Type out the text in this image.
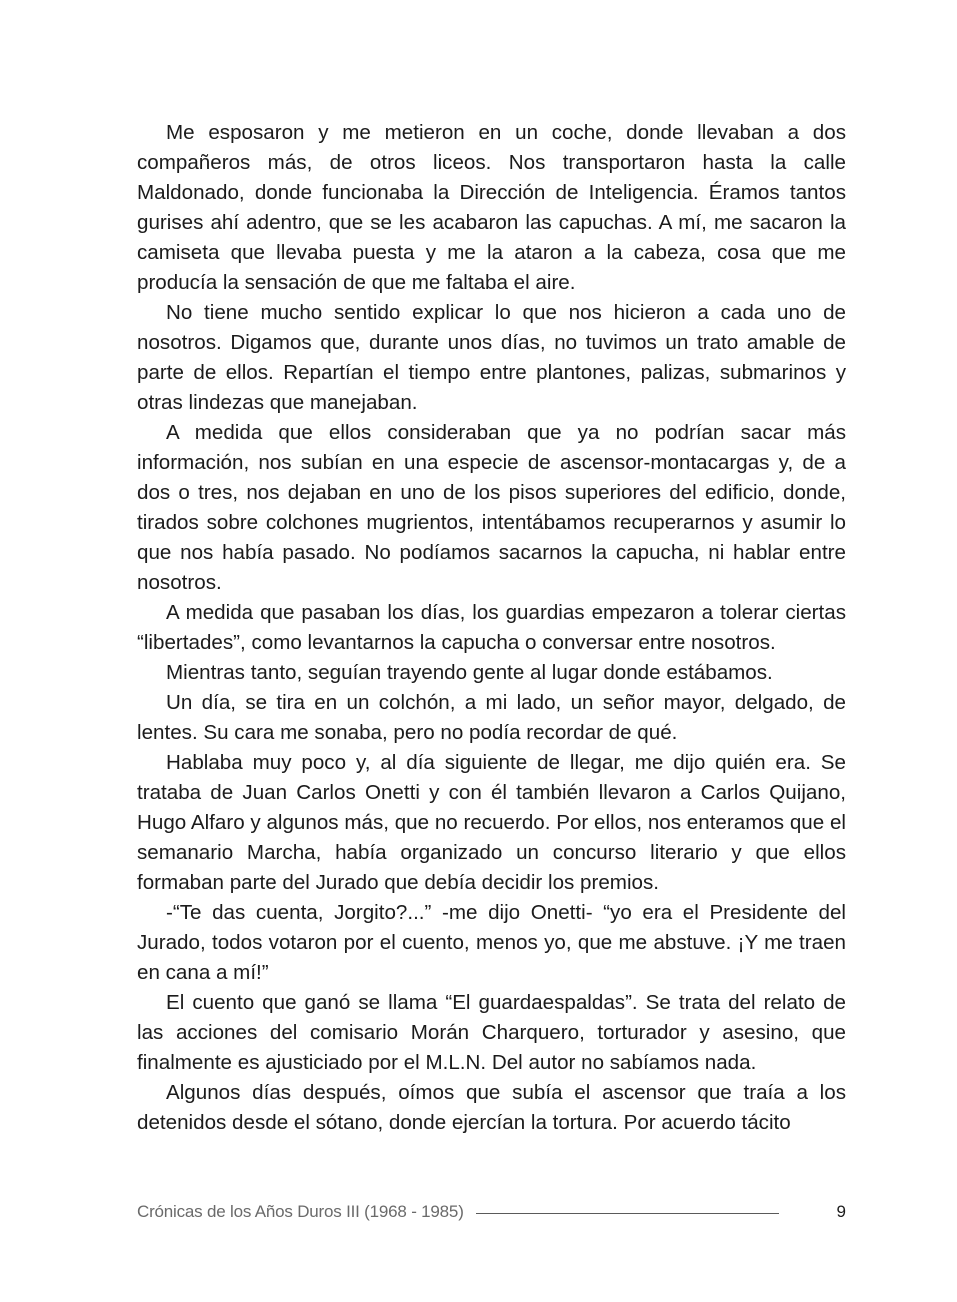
Me esposaron y me metieron en un coche, donde llevaban a dos compañeros más, de otros liceos. Nos transportaron hasta la calle Maldonado, donde funcionaba la Dirección de Inteligencia. Éramos tantos gurises ahí adentro, que se les acabaron las capuchas. A mí, me sacaron la camiseta que llevaba puesta y me la ataron a la cabeza, cosa que me producía la sensación de que me faltaba el aire.

No tiene mucho sentido explicar lo que nos hicieron a cada uno de nosotros. Digamos que, durante unos días, no tuvimos un trato amable de parte de ellos. Repartían el tiempo entre plantones, palizas, submarinos y otras lindezas que manejaban.

A medida que ellos consideraban que ya no podrían sacar más información, nos subían en una especie de ascensor-montacargas y, de a dos o tres, nos dejaban en uno de los pisos superiores del edificio, donde, tirados sobre colchones mugrientos, intentábamos recuperarnos y asumir lo que nos había pasado. No podíamos sacarnos la capucha, ni hablar entre nosotros.

A medida que pasaban los días, los guardias empezaron a tolerar ciertas “libertades”, como levantarnos la capucha o conversar entre nosotros.

Mientras tanto, seguían trayendo gente al lugar donde estábamos.

Un día, se tira en un colchón, a mi lado, un señor mayor, delgado, de lentes. Su cara me sonaba, pero no podía recordar de qué.

Hablaba muy poco y, al día siguiente de llegar, me dijo quién era. Se trataba de Juan Carlos Onetti y con él también llevaron a Carlos Quijano, Hugo Alfaro y algunos más, que no recuerdo. Por ellos, nos enteramos que el semanario Marcha, había organizado un concurso literario y que ellos formaban parte del Jurado que debía decidir los premios.

-“Te das cuenta, Jorgito?...” -me dijo Onetti- “yo era el Presidente del Jurado, todos votaron por el cuento, menos yo, que me abstuve. ¡Y me traen en cana a mí!”

El cuento que ganó se llama “El guardaespaldas”. Se trata del relato de las acciones del comisario Morán Charquero, torturador y asesino, que finalmente es ajusticiado por el M.L.N. Del autor no sabíamos nada.

Algunos días después, oímos que subía el ascensor que traía a los detenidos desde el sótano, donde ejercían la tortura. Por acuerdo tácito

Crónicas de los Años Duros III (1968 - 1985)	9
